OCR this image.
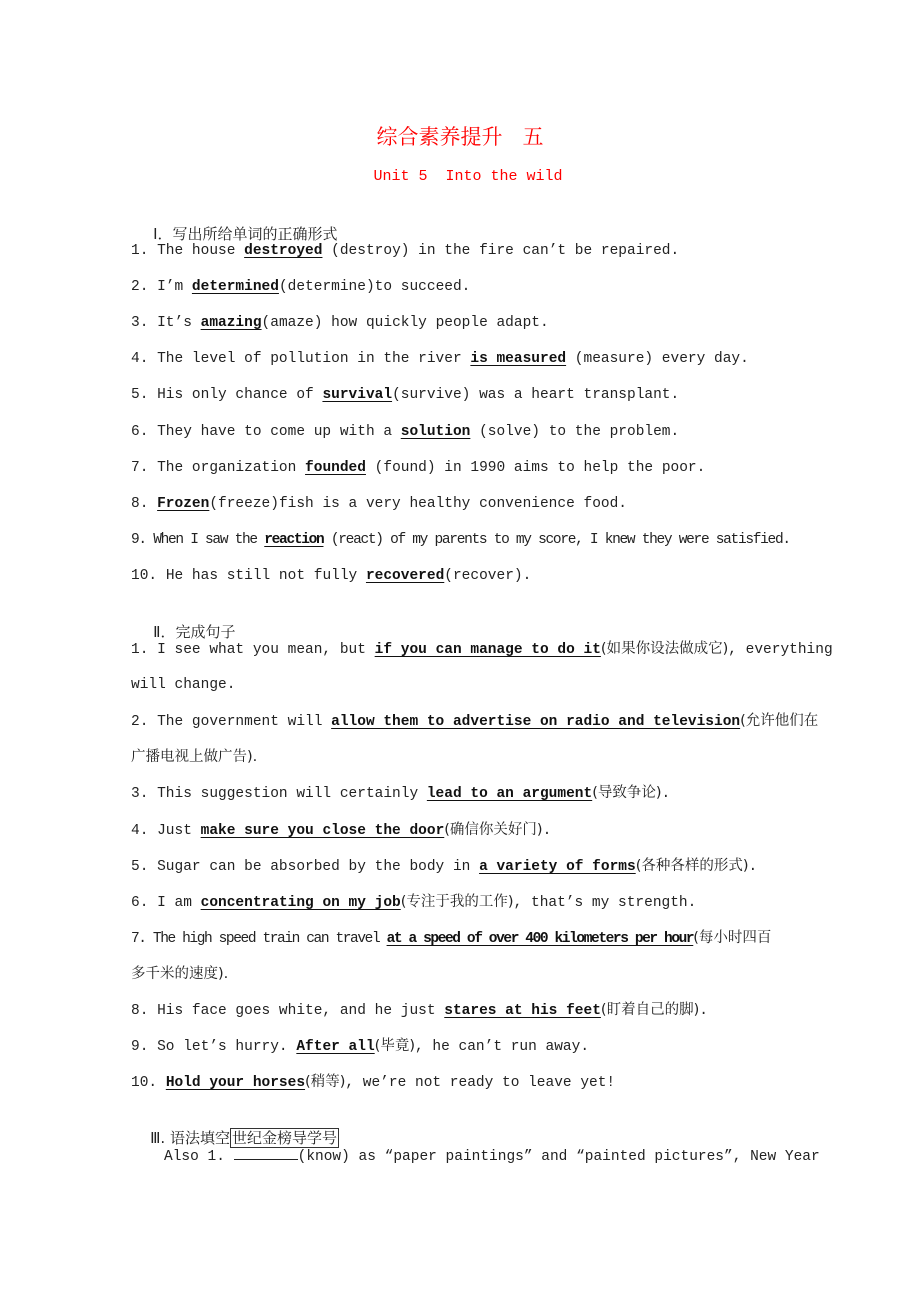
综合素养提升   五
Unit 5  Into the wild

Ⅰ．写出所给单词的正确形式

1. The house destroyed (destroy) in the fire can’t be repaired.
2. I’m determined(determine)to succeed.
3. It’s amazing(amaze) how quickly people adapt.
4. The level of pollution in the river is measured (measure) every day.
5. His only chance of survival(survive) was a heart transplant.
6. They have to come up with a solution (solve) to the problem.
7. The organization founded (found) in 1990 aims to help the poor.
8. Frozen(freeze)fish is a very healthy convenience food.
9. When I saw the reaction (react) of my parents to my score, I knew they were satisfied.
10. He has still not fully recovered(recover).

Ⅱ．完成句子

1. I see what you mean, but if you can manage to do it(如果你设法做成它), everything
will change.
2. The government will allow them to advertise on radio and television(允许他们在
广播电视上做广告).
3. This suggestion will certainly lead to an argument(导致争论).
4. Just make sure you close the door(确信你关好门).
5. Sugar can be absorbed by the body in a variety of forms(各种各样的形式).
6. I am concentrating on my job(专注于我的工作), that’s my strength.
7. The high speed train can travel at a speed of over 400 kilometers per hour(每小时四百
多千米的速度).
8. His face goes white, and he just stares at his feet(盯着自己的脚).
9. So let’s hurry. After all(毕竟), he can’t run away.
10. Hold your horses(稍等), we’re not ready to leave yet!

Ⅲ. 语法填空 世纪金榜导学号

Also 1.	(know) as “paper paintings” and “painted pictures”, New Year
